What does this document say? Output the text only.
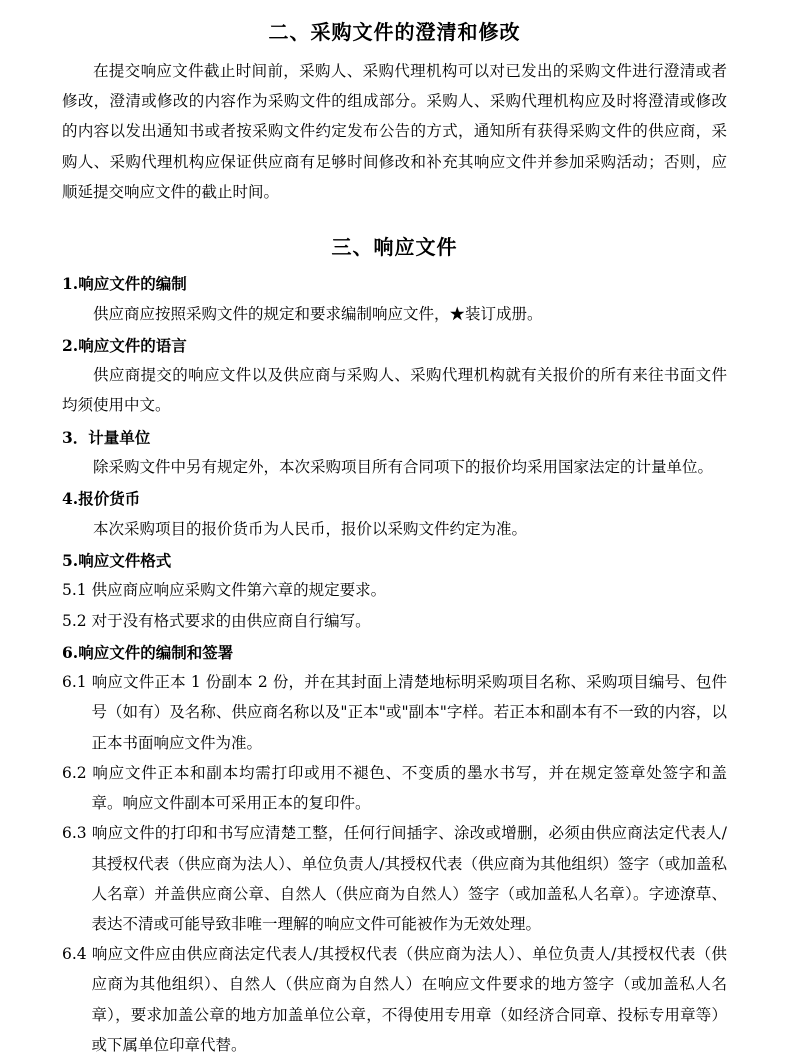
二、采购文件的澄清和修改

在提交响应文件截止时间前，采购人、采购代理机构可以对已发出的采购文件进行澄清或者修改，澄清或修改的内容作为采购文件的组成部分。采购人、采购代理机构应及时将澄清或修改的内容以发出通知书或者按采购文件约定发布公告的方式，通知所有获得采购文件的供应商，采购人、采购代理机构应保证供应商有足够时间修改和补充其响应文件并参加采购活动；否则，应顺延提交响应文件的截止时间。

三、响应文件
1.响应文件的编制

供应商应按照采购文件的规定和要求编制响应文件，★装订成册。

2.响应文件的语言

供应商提交的响应文件以及供应商与采购人、采购代理机构就有关报价的所有来往书面文件均须使用中文。

3．计量单位

除采购文件中另有规定外，本次采购项目所有合同项下的报价均采用国家法定的计量单位。

4.报价货币

本次采购项目的报价货币为人民币，报价以采购文件约定为准。

5.响应文件格式

5.1 供应商应响应采购文件第六章的规定要求。

5.2 对于没有格式要求的由供应商自行编写。

6.响应文件的编制和签署

6.1 响应文件正本 1 份副本 2 份，并在其封面上清楚地标明采购项目名称、采购项目编号、包件号（如有）及名称、供应商名称以及"正本"或"副本"字样。若正本和副本有不一致的内容，以正本书面响应文件为准。

6.2 响应文件正本和副本均需打印或用不褪色、不变质的墨水书写，并在规定签章处签字和盖章。响应文件副本可采用正本的复印件。

6.3 响应文件的打印和书写应清楚工整，任何行间插字、涂改或增删，必须由供应商法定代表人/其授权代表（供应商为法人）、单位负责人/其授权代表（供应商为其他组织）签字（或加盖私人名章）并盖供应商公章、自然人（供应商为自然人）签字（或加盖私人名章）。字迹潦草、表达不清或可能导致非唯一理解的响应文件可能被作为无效处理。

6.4 响应文件应由供应商法定代表人/其授权代表（供应商为法人）、单位负责人/其授权代表（供应商为其他组织）、自然人（供应商为自然人）在响应文件要求的地方签字（或加盖私人名章），要求加盖公章的地方加盖单位公章，不得使用专用章（如经济合同章、投标专用章等）或下属单位印章代替。
